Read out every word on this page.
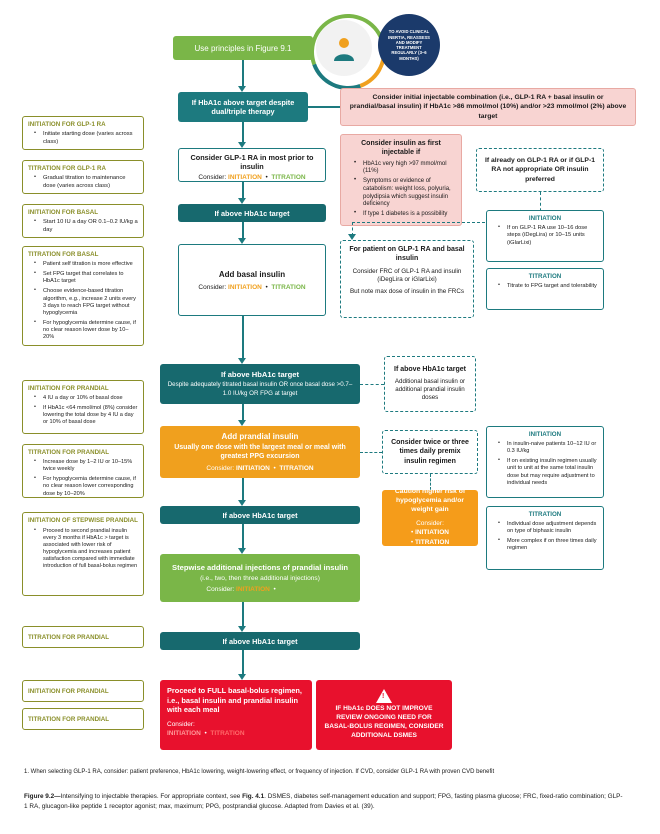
Use principles in Figure 9.1
TO AVOID CLINICAL INERTIA, REASSESS AND MODIFY TREATMENT REGULARLY (3–6 MONTHS)
If HbA1c above target despite dual/triple therapy
Consider initial injectable combination (i.e., GLP-1 RA + basal insulin or prandial/basal insulin) if HbA1c >86 mmol/mol (10%) and/or >23 mmol/mol (2%) above target
Consider GLP-1 RA in most prior to insulin
Consider: INITIATION  •  TITRATION
Consider insulin as first injectable if
• HbA1c very high >97 mmol/mol (11%)
• Symptoms or evidence of catabolism: weight loss, polyuria, polydipsia which suggest insulin deficiency
• If type 1 diabetes is a possibility
If already on GLP-1 RA or if GLP-1 RA not appropriate OR insulin preferred
If above HbA1c target
Add basal insulin
Consider: INITIATION  •  TITRATION
For patient on GLP-1 RA and basal insulin
Consider FRC of GLP-1 RA and insulin (iDegLira or iGlarLixi)
But note max dose of insulin in the FRCs
If above HbA1c target
Despite adequately titrated basal insulin OR once basal dose >0.7–1.0 IU/kg OR FPG at target
If above HbA1c target
Additional basal insulin or additional prandial insulin doses
Add prandial insulin
Usually one dose with the largest meal or meal with greatest PPG excursion
Consider: INITIATION  •  TITRATION
Consider twice or three times daily premix insulin regimen
Caution higher risk of hypoglycemia and/or weight gain
Consider:
• INITIATION
• TITRATION
If above HbA1c target
Stepwise additional injections of prandial insulin
(i.e., two, then three additional injections)
Consider: INITIATION  •  TITRATION
If above HbA1c target
Proceed to FULL basal-bolus regimen, i.e., basal insulin and prandial insulin with each meal
Consider:
INITIATION  •  TITRATION
!
IF HbA1c DOES NOT IMPROVE REVIEW ONGOING NEED FOR BASAL-BOLUS REGIMEN, CONSIDER ADDITIONAL DSMES
INITIATION FOR GLP-1 RA
• Initiate starting dose (varies across class)
TITRATION FOR GLP-1 RA
• Gradual titration to maintenance dose (varies across class)
INITIATION FOR BASAL
• Start 10 IU a day OR 0.1–0.2 IU/kg a day
TITRATION FOR BASAL
• Patient self titration is more effective
• Set FPG target that correlates to HbA1c target
• Choose evidence-based titration algorithm, e.g., increase 2 units every 3 days to reach FPG target without hypoglycemia
• For hypoglycemia determine cause, if no clear reason lower dose by 10–20%
INITIATION FOR PRANDIAL
• 4 IU a day or 10% of basal dose
• If HbA1c <64 mmol/mol (8%) consider lowering the total dose by 4 IU a day or 10% of basal dose
TITRATION FOR PRANDIAL
• Increase dose by 1–2 IU or 10–15% twice weekly
• For hypoglycemia determine cause, if no clear reason lower corresponding dose by 10–20%
INITIATION OF STEPWISE PRANDIAL
• Proceed to second prandial insulin every 3 months if HbA1c > target is associated with lower risk of hypoglycemia and increases patient satisfaction compared with immediate introduction of full basal-bolus regimen
TITRATION FOR PRANDIAL
INITIATION FOR PRANDIAL
TITRATION FOR PRANDIAL
INITIATION
• If on GLP-1 RA use 10–16 dose steps (iDegLira) or 10–15 units (iGlarLixi)
TITRATION
• Titrate to FPG target and tolerability
INITIATION
• In insulin-naive patients 10–12 IU or 0.3 IU/kg
• If on existing insulin regimen usually unit to unit at the same total insulin dose but may require adjustment to individual needs
TITRATION
• Individual dose adjustment depends on type of biphasic insulin
• More complex if on three times daily regimen
1. When selecting GLP-1 RA, consider: patient preference, HbA1c lowering, weight-lowering effect, or frequency of injection. If CVD, consider GLP-1 RA with proven CVD benefit
Figure 9.2—Intensifying to injectable therapies. For appropriate context, see Fig. 4.1. DSMES, diabetes self-management education and support; FPG, fasting plasma glucose; FRC, fixed-ratio combination; GLP-1 RA, glucagon-like peptide 1 receptor agonist; max, maximum; PPG, postprandial glucose. Adapted from Davies et al. (39).
